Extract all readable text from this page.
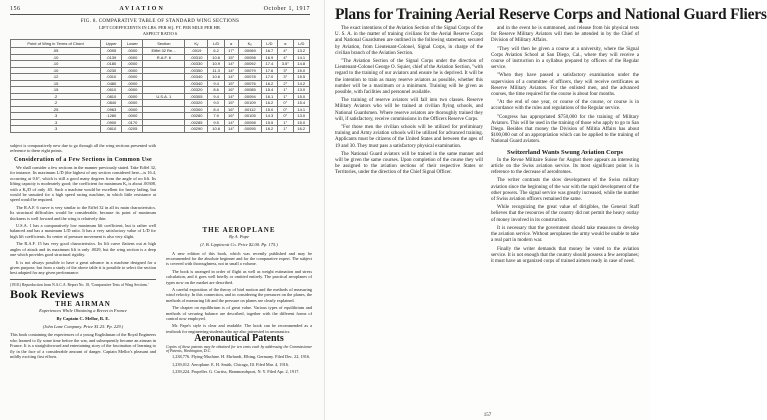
156	AVIATION	October 1, 1917
FIG. 8. COMPARATIVE TABLE OF STANDARD WING SECTIONS
LIFT COEFFICIENTS IN LBS. PER SQ. FT. PER MILE PER HR.
ASPECT RATIO 6
Point of Wing in Terms of Chord	Upper	Lower	Section	Kᵧ	L/D	α	Kᵧ	L/D	α	L/D
.05	.0095	.0000	Eiffel 32 Re…	.0019	6.2	17°	.00069	16.7	4°	13.2
.10	.0139	.0000	R.A.F. 6	.00310	10.6	15°	.00098	16.9	4°	14.1
.10	.0180	.0000		.00330	10.9	14°	.00092	17.4	3.5°	14.8
.10	.0230	.0000		.00350	11.3	14°	.00079	17.6	3°	15.0
.12	.0310	.0000		.00340	10.6	14°	.00078	17.0	3°	15.5
.15	.0480	.0000		.00340	9.4	15°	.00076	16.2	2°	14.2
.15	.0610	.0000		.00320	8.6	16°	.00085	15.4	1°	13.0
.2	.0810	.0000	U.S.A. 1	.00305	9.4	14°	.00094	16.1	1°	15.0
.2	.0840	.0000		.00320	9.0	15°	.00109	16.2	0°	15.4
.25	.0963	.0000		.00300	8.4	16°	.00112	15.0	0°	14.1
.3	.1280	.0000		.00280	7.9	16°	.00105	14.3	0°	13.0
.3	.0900	.0170		.00285	9.5	14°	.00098	15.5	1°	15.0
.3	.0810	.0205		.00290	10.6	14°	.00095	16.2	1°	16.2
subject is comparatively new due to go through all the wing sections presented with reference to these eight points.
Consideration of a Few Sections in Common Use

We shall consider a few sections in the manner previously stated. Take Eiffel 32, for instance. Its maximum L/D (the highest of any section considered here—is 16.4, occurring at 0.6°, which is still a good many degrees from the angle of no lift. Its lifting capacity is moderately good; the coefficient for maximum Kᵧ is about .00308, with a Kᵧ/D of only .65. Such a machine would be excellent for heavy lading, but would be unsuited for a high speed racing machine, in which little resistance at speed would be required.

The R.A.F. 6 curve is very similar to the Eiffel 32 in all its main characteristics. Its structural difficulties would be considerable, because its point of maximum thickness is well forward and the wing is relatively thin.

U.S.A. 1 has a comparatively low maximum lift coefficient, but is rather well balanced and has a maximum L/D ratio. It has a very satisfactory value of L/D for high lift coefficients. Its center of pressure movement is also very slight.

The R.A.F. 15 has very good characteristics. Its lift curve flattens out at high angles of attack and its maximum lift is only .0029, but the wing section is a deep one which provides good structural rigidity.

It is not always possible to have a great advance in a machine designed for a given purpose, but from a study of the above table it is possible to select the section best adapted for any given performance.

(1918.) Reproduction from N.A.C.A. Report No. 18, 'Comparative Tests of Wing Sections.'
Book Reviews
THE AIRMAN
Experiences While Obtaining a Brevet in France
By Captain C. Mellor, R. E.
(John Lane Company. Price $1.25. Pp. 229.)
This book containing the experiences of a young Englishman of the Royal Engineers who learned to fly some time before the war, and subsequently became an airman in France. It is a straightforward and entertaining story of the fascination of learning to fly in the face of a considerable amount of danger. Captain Mellor's pleasant and mildly exciting first efforts.
THE AEROPLANE
By A. Pape
(J. B. Lippincott Co. Price $2.00. Pp. 175.)

A new edition of this book, which was recently published and may be recommended for the absolute beginner and for the comparative expert. The subject is covered with thoroughness, not in small a volume.

The book is arranged in order of flight as well as weight estimation and stress calculation, and it goes well briefly or omitted entirely. The practical aeroplanes of types now on the market are described.

A careful exposition of the theory of bird motion and the methods of measuring wind velocity. In this connection, and in considering the pressures on the planes, the methods of measuring lift and the pressure on planes are clearly explained.

The chapter on equilibrium is of great value. Various types of equilibrium and methods of securing balance are described, together with the different forms of control now employed.

Mr. Pape's style is clear and readable. The book can be recommended as a textbook for engineering students who are also interested in aeronautics.

Aeronautical Patents
Copies of these patents may be obtained for ten cents each by addressing the Commissioner of Patents, Washington, D.C.

1,238,776. Flying-Machine. H. Ehrhardt, Elbing, Germany. Filed Dec. 22, 1916.

1,239,012. Aeroplane. E. H. Smith, Chicago, Ill. Filed Mar. 4, 1916.

1,239,224. Propeller. G. Curtiss, Hammondsport, N. Y. Filed Apr. 2, 1917.

Plans for Training Aerial Reserve Corps and National Guard Fliers

The exact intentions of the Aviation Section of the Signal Corps of the U. S. A. in the matter of training civilians for the Aerial Reserve Corps and National Guardsmen are outlined in the following statement, secured by Aviation, from Lieutenant-Colonel, Signal Corps, in charge of the civilian branch of the Aviation Section.

"The Aviation Section of the Signal Corps under the direction of Lieutenant-Colonel George O. Squier, chief of the Aviation Section, "with regard to the training of our aviators and ensure he is deprived. It will be the intention to train as many reserve aviators as possible, whether this number will be a maximum or a minimum. Training will be given as possible, with facilities and personnel available.

The training of reserve aviators will fall into two classes. Reserve Military Aviators who will be trained at civilian flying schools, and National Guardsmen. Where reserve aviators are thoroughly trained they will, if satisfactory, receive commissions in the Officers Reserve Corps.

"For those men the civilian schools will be utilized for preliminary training and Army aviation schools will be utilized for advanced training. Applicants must be citizens of the United States and between the ages of 19 and 30. They must pass a satisfactory physical examination.

The National Guard aviators will be trained in the same manner and will be given the same courses. Upon completion of the course they will be assigned to the aviation sections of their respective States or Territories, under the direction of the Chief Signal Officer.

and in the event he is summoned, and release from his physical tests for Reserve Military Aviators will then be attended in by the Chief of Division of Military Affairs.

"They will then be given a course at a university, where the Signal Corps Aviation School at San Diego, Cal., where they will receive a course of instruction in a syllabus prepared by officers of the Regular service.

"When they have passed a satisfactory examination under the supervision of a committee of officers, they will receive certificates as Reserve Military Aviators. For the enlisted men, and the advanced courses, the time required for the course is about four months.

"At the end of one year, or course of the course, or course is in accordance with the rules and regulations of the Regular service.

"Congress has appropriated $750,000 for the training of Military Aviators. This will be used in the training of those who apply to go to San Diego. Besides that money the Division of Militia Affairs has about $100,000 out of an appropriation which can be applied to the training of National Guard aviators.

Switzerland Wants Swung Aviation Corps

In the Revue Militaire Suisse for August there appears an interesting article on the Swiss aviation service. Its most significant point is in reference to the decrease of aerodromes.

The writer contrasts the slow development of the Swiss military aviation since the beginning of the war with the rapid development of the other powers. The signal service was greatly increased, while the number of Swiss aviation officers remained the same.

While recognizing the great value of dirigibles, the General Staff believes that the resources of the country did not permit the heavy outlay of money involved in its construction.

It is necessary that the government should take measures to develop the aviation service. Without aeroplanes the army would be unable to take a real part in modern war.

Finally the writer demands that money be voted to the aviation service. It is not enough that the country should possess a few aeroplanes; it must have an organized corps of trained airmen ready in case of need.

157
